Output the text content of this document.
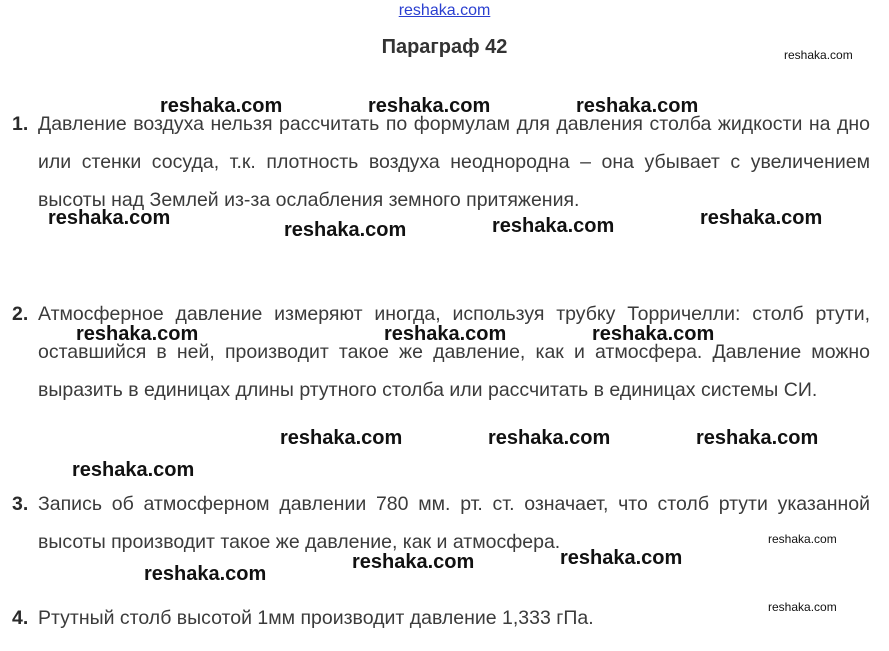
reshaka.com
Параграф 42
1. Давление воздуха нельзя рассчитать по формулам для давления столба жидкости на дно или стенки сосуда, т.к. плотность воздуха неоднородна – она убывает с увеличением высоты над Землей из-за ослабления земного притяжения.
2. Атмосферное давление измеряют иногда, используя трубку Торричелли: столб ртути, оставшийся в ней, производит такое же давление, как и атмосфера. Давление можно выразить в единицах длины ртутного столба или рассчитать в единицах системы СИ.
3. Запись об атмосферном давлении 780 мм. рт. ст. означает, что столб ртути указанной высоты производит такое же давление, как и атмосфера.
4. Ртутный столб высотой 1мм производит давление 1,333 гПа.
reshaka.com
reshaka.com	reshaka.com	reshaka.com
reshaka.com	reshaka.com
reshaka.com
reshaka.com
reshaka.com	reshaka.com	reshaka.com
reshaka.com	reshaka.com	reshaka.com
reshaka.com
reshaka.com
reshaka.com
reshaka.com
reshaka.com
reshaka.com
